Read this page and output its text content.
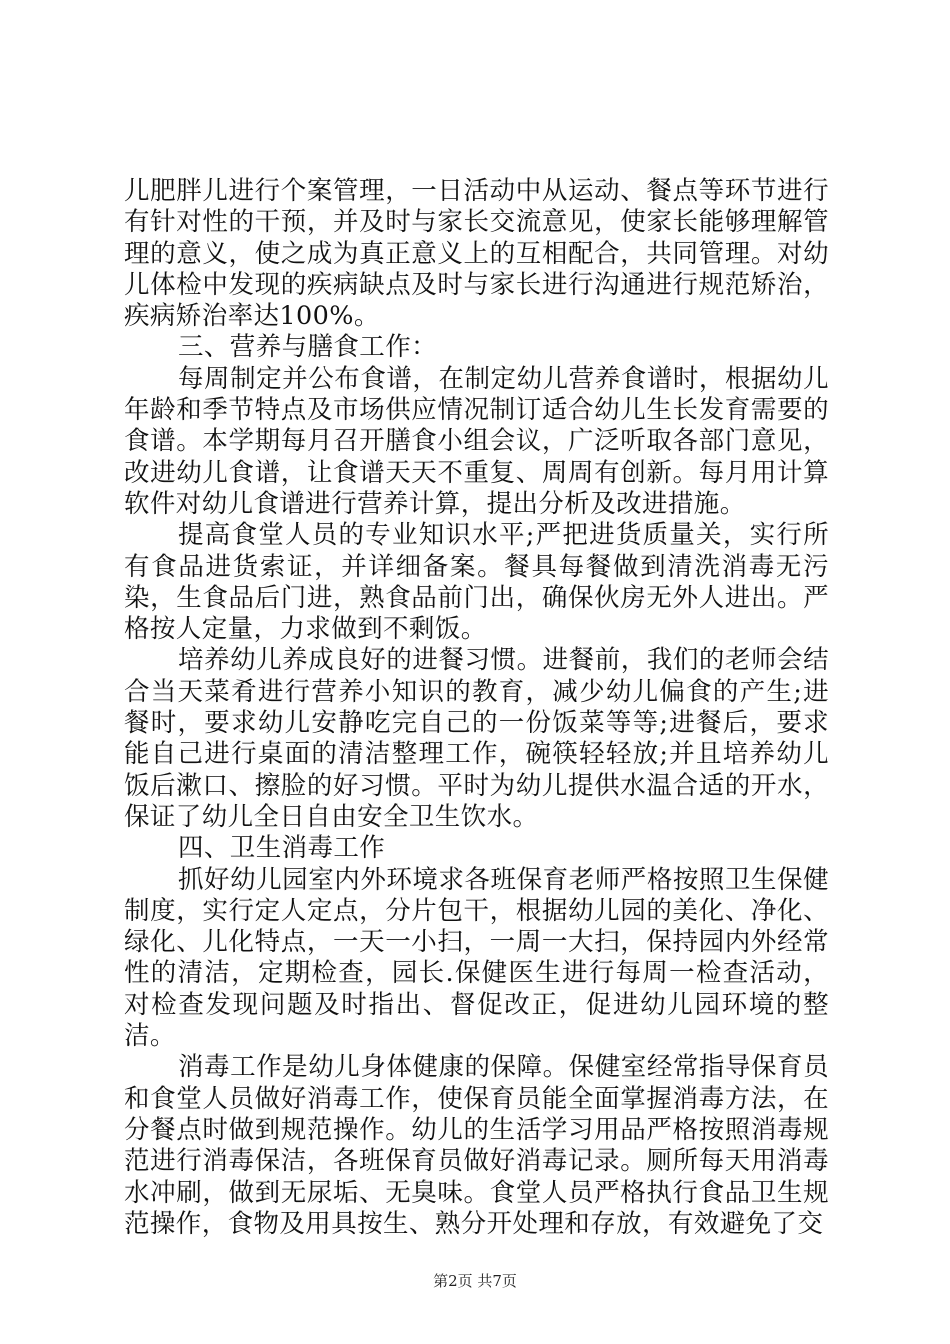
儿肥胖儿进行个案管理，一日活动中从运动、餐点等环节进行有针对性的干预，并及时与家长交流意见，使家长能够理解管理的意义，使之成为真正意义上的互相配合，共同管理。对幼儿体检中发现的疾病缺点及时与家长进行沟通进行规范矫治，疾病矫治率达100%。

三、营养与膳食工作：

每周制定并公布食谱，在制定幼儿营养食谱时，根据幼儿年龄和季节特点及市场供应情况制订适合幼儿生长发育需要的食谱。本学期每月召开膳食小组会议，广泛听取各部门意见，改进幼儿食谱，让食谱天天不重复、周周有创新。每月用计算软件对幼儿食谱进行营养计算，提出分析及改进措施。

提高食堂人员的专业知识水平;严把进货质量关，实行所有食品进货索证，并详细备案。餐具每餐做到清洗消毒无污染，生食品后门进，熟食品前门出，确保伙房无外人进出。严格按人定量，力求做到不剩饭。

培养幼儿养成良好的进餐习惯。进餐前，我们的老师会结合当天菜肴进行营养小知识的教育，减少幼儿偏食的产生;进餐时，要求幼儿安静吃完自己的一份饭菜等等;进餐后，要求能自己进行桌面的清洁整理工作，碗筷轻轻放;并且培养幼儿饭后漱口、擦脸的好习惯。平时为幼儿提供水温合适的开水，保证了幼儿全日自由安全卫生饮水。

四、卫生消毒工作

抓好幼儿园室内外环境求各班保育老师严格按照卫生保健制度，实行定人定点，分片包干，根据幼儿园的美化、净化、绿化、儿化特点，一天一小扫，一周一大扫，保持园内外经常性的清洁，定期检查，园长.保健医生进行每周一检查活动，对检查发现问题及时指出、督促改正，促进幼儿园环境的整洁。

消毒工作是幼儿身体健康的保障。保健室经常指导保育员和食堂人员做好消毒工作，使保育员能全面掌握消毒方法，在分餐点时做到规范操作。幼儿的生活学习用品严格按照消毒规范进行消毒保洁，各班保育员做好消毒记录。厕所每天用消毒水冲刷，做到无尿垢、无臭味。食堂人员严格执行食品卫生规范操作，食物及用具按生、熟分开处理和存放，有效避免了交

第2页 共7页
